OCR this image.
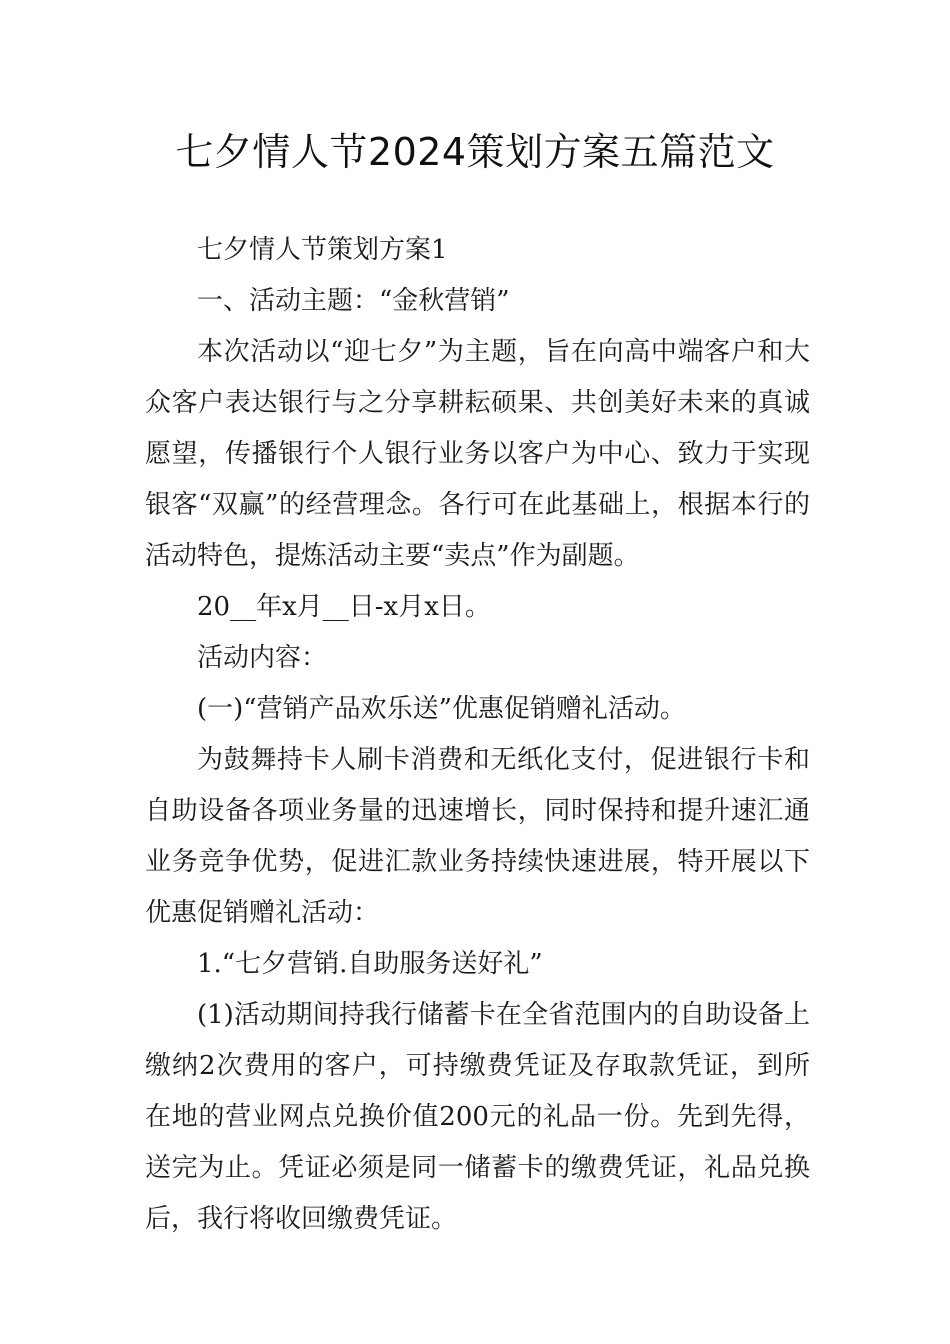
七夕情人节2024策划方案五篇范文

七夕情人节策划方案1

一、活动主题：“金秋营销”

本次活动以“迎七夕”为主题，旨在向高中端客户和大众客户表达银行与之分享耕耘硕果、共创美好未来的真诚愿望，传播银行个人银行业务以客户为中心、致力于实现银客“双赢”的经营理念。各行可在此基础上，根据本行的活动特色，提炼活动主要“卖点”作为副题。

20__年x月__日-x月x日。

活动内容：

(一)“营销产品欢乐送”优惠促销赠礼活动。

为鼓舞持卡人刷卡消费和无纸化支付，促进银行卡和自助设备各项业务量的迅速增长，同时保持和提升速汇通业务竞争优势，促进汇款业务持续快速进展，特开展以下优惠促销赠礼活动：

1.“七夕营销.自助服务送好礼”

(1)活动期间持我行储蓄卡在全省范围内的自助设备上缴纳2次费用的客户，可持缴费凭证及存取款凭证，到所在地的营业网点兑换价值200元的礼品一份。先到先得，送完为止。凭证必须是同一储蓄卡的缴费凭证，礼品兑换后，我行将收回缴费凭证。
